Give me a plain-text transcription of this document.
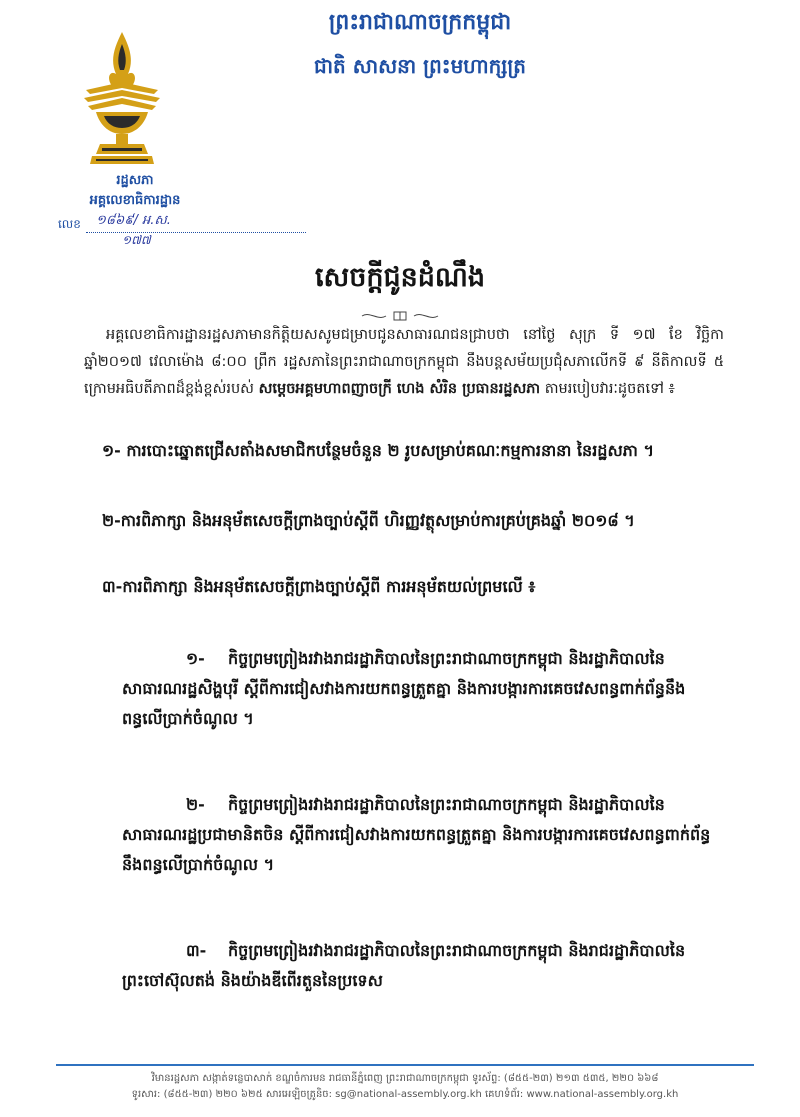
ព្រះរាជាណាចក្រកម្ពុជា
ជាតិ សាសនា ព្រះមហាក្សត្រ
រដ្ឋសភា
អគ្គលេខាធិការដ្ឋាន
លេខ ១៨៦៩/ អ.ស.
១៧៧
សេចក្ដីជូនដំណឹង
អគ្គលេខាធិការដ្ឋានរដ្ឋសភាមានកិត្តិយសសូមជម្រាបជូនសាធារណជនជ្រាបថា នៅថ្ងៃ សុក្រ ទី ១៧ ខែ វិច្ឆិកា ឆ្នាំ២០១៧ វេលាម៉ោង ៨:០០ ព្រឹក រដ្ឋសភានៃព្រះរាជាណាចក្រកម្ពុជា នឹងបន្តសម័យប្រជុំសភាលើកទី ៩ នីតិកាលទី ៥ ក្រោមអធិបតីភាពដ៏ខ្ពង់ខ្ពស់របស់ សម្ដេចអគ្គមហាពញាចក្រី ហេង សំរិន ប្រធានរដ្ឋសភា តាមរបៀបវារៈដូចតទៅ ៖
១- ការបោះឆ្នោតជ្រើសតាំងសមាជិកបន្ថែមចំនួន ២ រូបសម្រាប់គណៈកម្មការនានា នៃរដ្ឋសភា ។
២-ការពិភាក្សា និងអនុម័តសេចក្ដីព្រាងច្បាប់ស្ដីពី ហិរញ្ញវត្ថុសម្រាប់ការគ្រប់គ្រងឆ្នាំ ២០១៨ ។
៣-ការពិភាក្សា និងអនុម័តសេចក្ដីព្រាងច្បាប់ស្ដីពី ការអនុម័តយល់ព្រមលើ ៖
១- កិច្ចព្រមព្រៀងរវាងរាជរដ្ឋាភិបាលនៃព្រះរាជាណាចក្រកម្ពុជា និងរដ្ឋាភិបាលនៃសាធារណរដ្ឋសិង្ហបុរី ស្ដីពីការជៀសវាងការយកពន្ធត្រួតគ្នា និងការបង្ការការគេចវេសពន្ធពាក់ព័ន្ធនឹងពន្ធលើប្រាក់ចំណូល ។
២- កិច្ចព្រមព្រៀងរវាងរាជរដ្ឋាភិបាលនៃព្រះរាជាណាចក្រកម្ពុជា និងរដ្ឋាភិបាលនៃសាធារណរដ្ឋប្រជាមានិតចិន ស្ដីពីការជៀសវាងការយកពន្ធត្រួតគ្នា និងការបង្ការការគេចវេសពន្ធពាក់ព័ន្ធនឹងពន្ធលើប្រាក់ចំណូល ។
៣- កិច្ចព្រមព្រៀងរវាងរាជរដ្ឋាភិបាលនៃព្រះរាជាណាចក្រកម្ពុជា និងរាជរដ្ឋាភិបាលនៃព្រះចៅស៊ុលតង់ និងយ៉ាងឌីពើរតួននៃប្រទេស
វិមានរដ្ឋសភា សង្កាត់ទន្លេបាសាក់ ខណ្ឌចំការមន រាជធានីភ្នំពេញ ព្រះរាជាណាចក្រកម្ពុជា ទូរស័ព្ទ: (៨៥៥-២៣) ២១៣ ៥៣៥, ២២០ ៦៦៨
ទូរសារ: (៨៥៥-២៣) ២២០ ៦២៥ សារអេឡិចត្រូនិច: sg@national-assembly.org.kh គេហទំព័រ: www.national-assembly.org.kh
